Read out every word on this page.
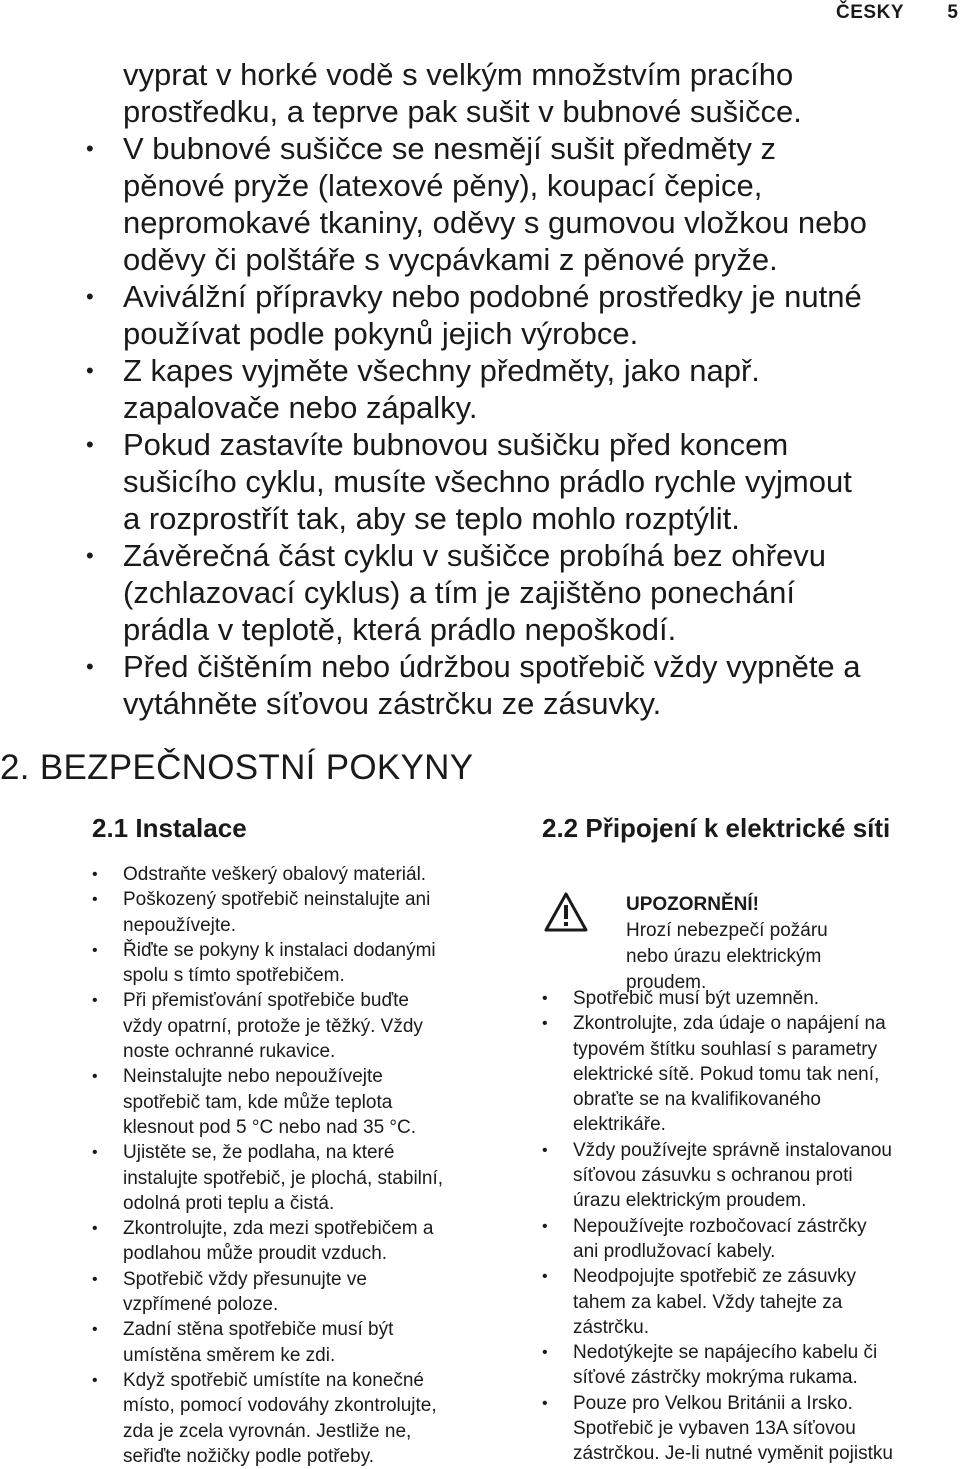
ČESKY 5
vyprat v horké vodě s velkým množstvím pracího
prostředku, a teprve pak sušit v bubnové sušičce.
• V bubnové sušičce se nesmějí sušit předměty z
pěnové pryže (latexové pěny), koupací čepice,
nepromokavé tkaniny, oděvy s gumovou vložkou nebo
oděvy či polštáře s vycpávkami z pěnové pryže.
• Aviválžní přípravky nebo podobné prostředky je nutné
používat podle pokynů jejich výrobce.
• Z kapes vyjměte všechny předměty, jako např.
zapalovače nebo zápalky.
• Pokud zastavíte bubnovou sušičku před koncem
sušicího cyklu, musíte všechno prádlo rychle vyjmout
a rozprostřít tak, aby se teplo mohlo rozptýlit.
• Závěrečná část cyklu v sušičce probíhá bez ohřevu
(zchlazovací cyklus) a tím je zajištěno ponechání
prádla v teplotě, která prádlo nepoškodí.
• Před čištěním nebo údržbou spotřebič vždy vypněte a
vytáhněte síťovou zástrčku ze zásuvky.
2. BEZPEČNOSTNÍ POKYNY
2.1 Instalace
• Odstraňte veškerý obalový materiál.
• Poškozený spotřebič neinstalujte ani
nepoužívejte.
• Řiďte se pokyny k instalaci dodanými
spolu s tímto spotřebičem.
• Při přemisťování spotřebiče buďte
vždy opatrní, protože je těžký. Vždy
noste ochranné rukavice.
• Neinstalujte nebo nepoužívejte
spotřebič tam, kde může teplota
klesnout pod 5 °C nebo nad 35 °C.
• Ujistěte se, že podlaha, na které
instalujte spotřebič, je plochá, stabilní,
odolná proti teplu a čistá.
• Zkontrolujte, zda mezi spotřebičem a
podlahou může proudit vzduch.
• Spotřebič vždy přesunujte ve
vzpřímené poloze.
• Zadní stěna spotřebiče musí být
umístěna směrem ke zdi.
• Když spotřebič umístíte na konečné
místo, pomocí vodováhy zkontrolujte,
zda je zcela vyrovnán. Jestliže ne,
seřiďte nožičky podle potřeby.
2.2 Připojení k elektrické síti
UPOZORNĚNÍ!
Hrozí nebezpečí požáru
nebo úrazu elektrickým
proudem.
• Spotřebič musí být uzemněn.
• Zkontrolujte, zda údaje o napájení na
typovém štítku souhlasí s parametry
elektrické sítě. Pokud tomu tak není,
obraťte se na kvalifikovaného
elektrikáře.
• Vždy používejte správně instalovanou
síťovou zásuvku s ochranou proti
úrazu elektrickým proudem.
• Nepoužívejte rozbočovací zástrčky
ani prodlužovací kabely.
• Neodpojujte spotřebič ze zásuvky
tahem za kabel. Vždy tahejte za
zástrčku.
• Nedotýkejte se napájecího kabelu či
síťové zástrčky mokrýma rukama.
• Pouze pro Velkou Británii a Irsko.
Spotřebič je vybaven 13A síťovou
zástrčkou. Je-li nutné vyměnit pojistku
